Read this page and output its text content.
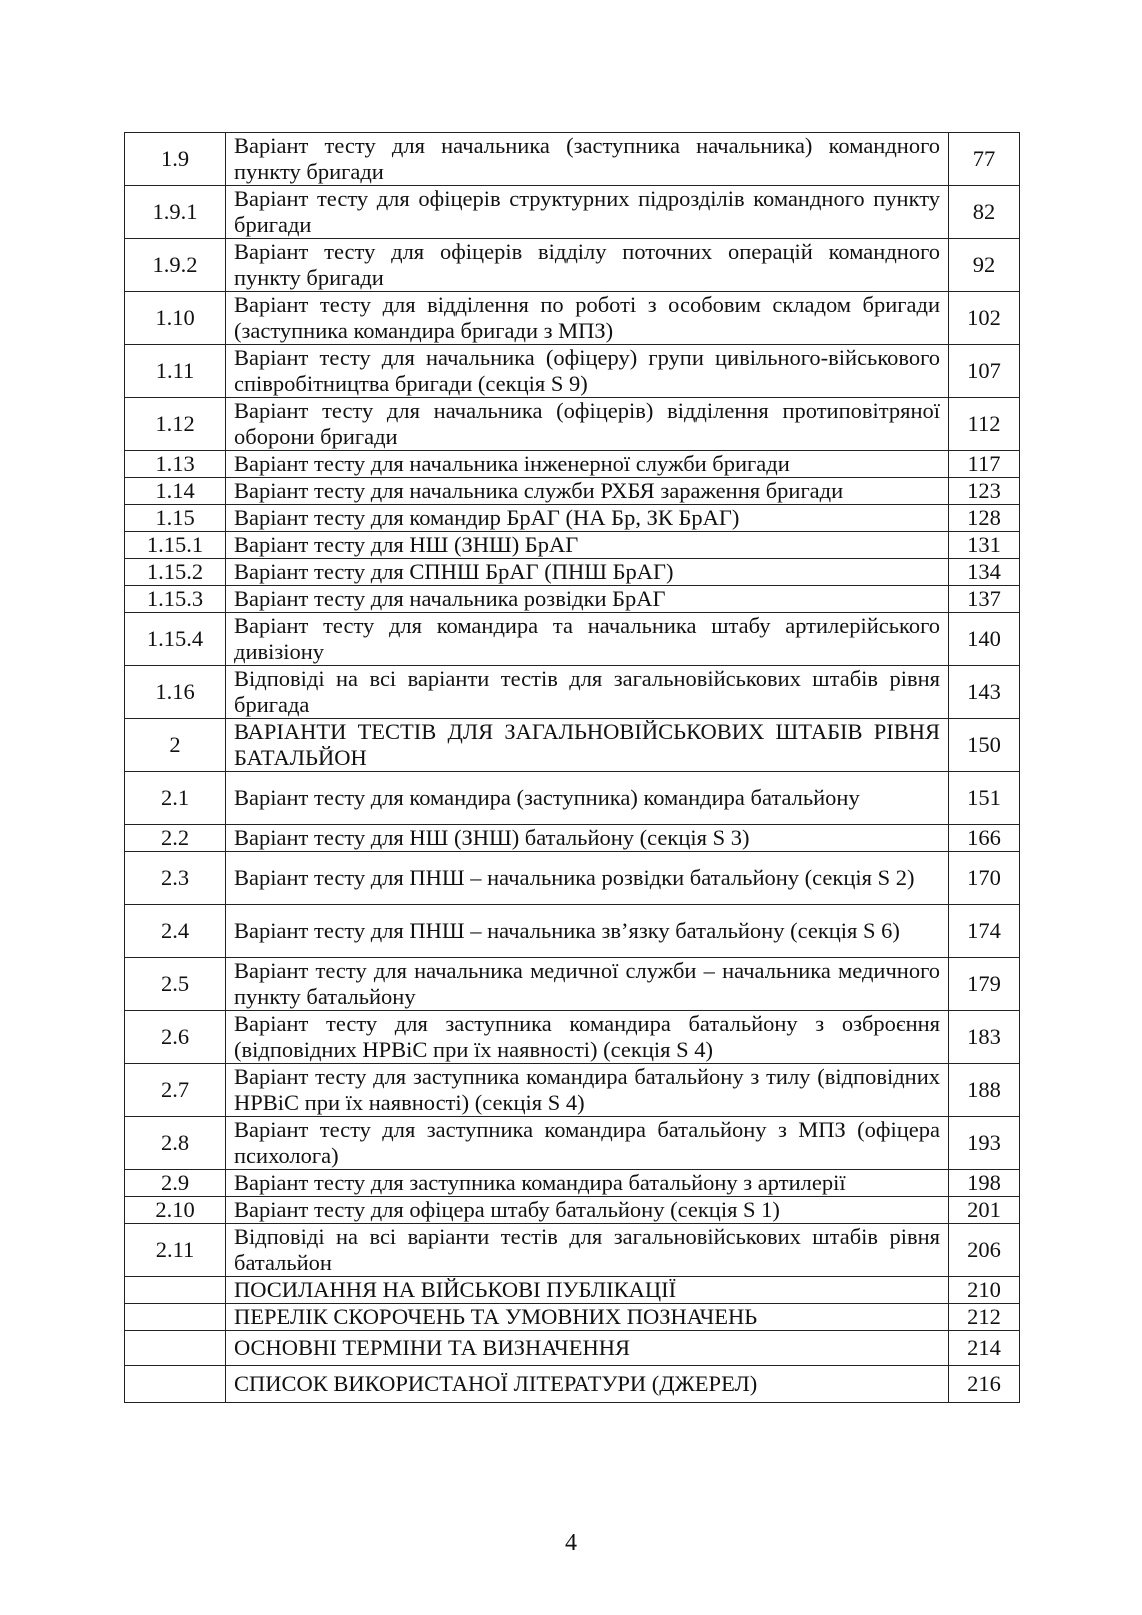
1.9	Варіант тесту для начальника (заступника начальника) командного пункту бригади	77
1.9.1	Варіант тесту для офіцерів структурних підрозділів командного пункту бригади	82
1.9.2	Варіант тесту для офіцерів відділу поточних операцій командного пункту бригади	92
1.10	Варіант тесту для відділення по роботі з особовим складом бригади (заступника командира бригади з МПЗ)	102
1.11	Варіант тесту для начальника (офіцеру) групи цивільного-військового співробітництва бригади (секція S 9)	107
1.12	Варіант тесту для начальника (офіцерів) відділення протиповітряної оборони бригади	112
1.13	Варіант тесту для начальника інженерної служби бригади	117
1.14	Варіант тесту для начальника служби РХБЯ зараження бригади	123
1.15	Варіант тесту для командир БрАГ (НА Бр, ЗК БрАГ)	128
1.15.1	Варіант тесту для НШ (ЗНШ) БрАГ	131
1.15.2	Варіант тесту для СПНШ БрАГ (ПНШ БрАГ)	134
1.15.3	Варіант тесту для начальника розвідки БрАГ	137
1.15.4	Варіант тесту для командира та начальника штабу артилерійського дивізіону	140
1.16	Відповіді на всі варіанти тестів для загальновійськових штабів рівня бригада	143
2	ВАРІАНТИ ТЕСТІВ ДЛЯ ЗАГАЛЬНОВІЙСЬКОВИХ ШТАБІВ РІВНЯ БАТАЛЬЙОН	150
2.1	Варіант тесту для командира (заступника) командира батальйону	151
2.2	Варіант тесту для НШ (ЗНШ) батальйону (секція S 3)	166
2.3	Варіант тесту для ПНШ – начальника розвідки батальйону (секція S 2)	170
2.4	Варіант тесту для ПНШ – начальника зв’язку батальйону (секція S 6)	174
2.5	Варіант тесту для начальника медичної служби – начальника медичного пункту батальйону	179
2.6	Варіант тесту для заступника командира батальйону з озброєння (відповідних НРВіС при їх наявності) (секція S 4)	183
2.7	Варіант тесту для заступника командира батальйону з тилу (відповідних НРВіС при їх наявності) (секція S 4)	188
2.8	Варіант тесту для заступника командира батальйону з МПЗ (офіцера психолога)	193
2.9	Варіант тесту для заступника командира батальйону з артилерії	198
2.10	Варіант тесту для офіцера штабу батальйону (секція S 1)	201
2.11	Відповіді на всі варіанти тестів для загальновійськових штабів рівня батальйон	206
	ПОСИЛАННЯ НА ВІЙСЬКОВІ ПУБЛІКАЦІЇ	210
	ПЕРЕЛІК СКОРОЧЕНЬ ТА УМОВНИХ ПОЗНАЧЕНЬ	212
	ОСНОВНІ ТЕРМІНИ ТА ВИЗНАЧЕННЯ	214
	СПИСОК ВИКОРИСТАНОЇ ЛІТЕРАТУРИ (ДЖЕРЕЛ)	216
4
